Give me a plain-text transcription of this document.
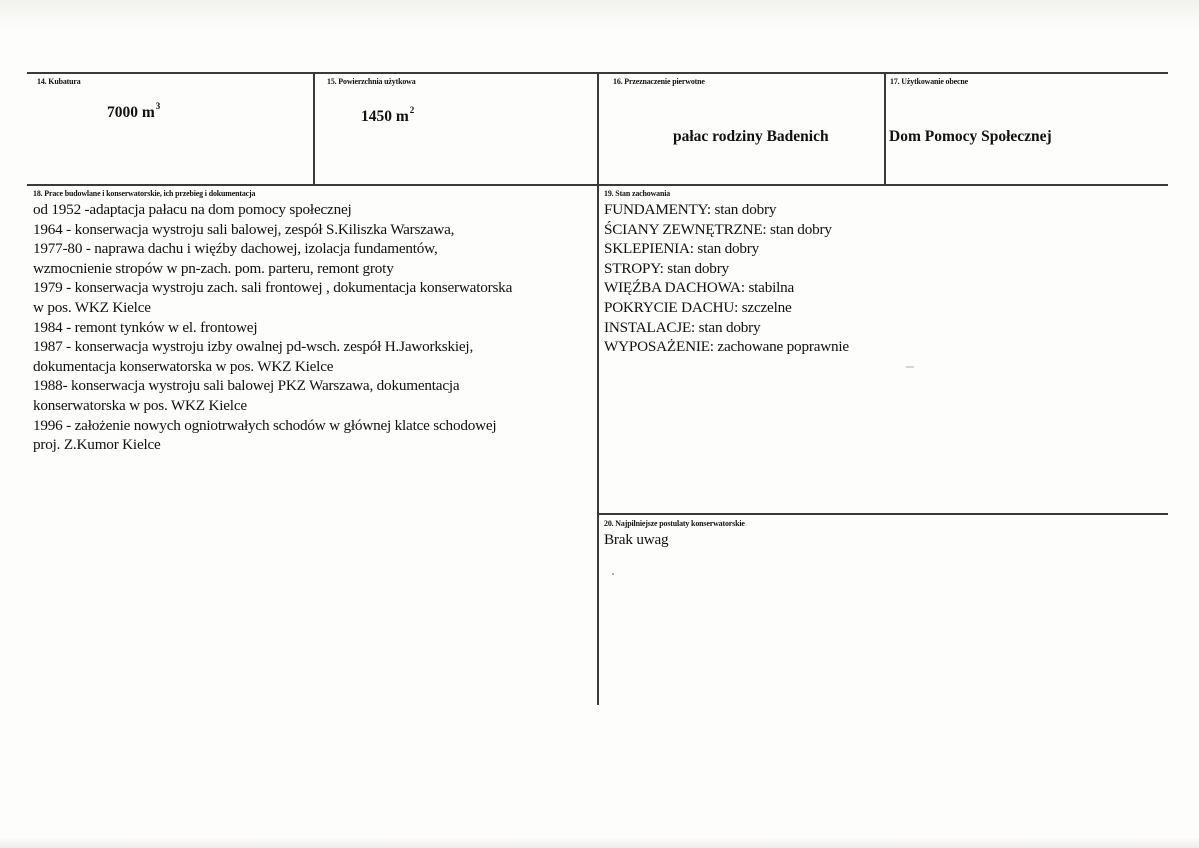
14. Kubatura
7000 $m^3$
15. Powierzchnia użytkowa
1450 $m^2$
16. Przeznaczenie pierwotne
pałac rodziny Badenich
17. Użytkowanie obecne
Dom Pomocy Społecznej
18. Prace budowlane i konserwatorskie, ich przebieg i dokumentacja
od 1952 -adaptacja pałacu na dom pomocy społecznej
1964 - konserwacja wystroju sali balowej, zespół S.Kiliszka Warszawa,
1977-80 - naprawa dachu i więźby dachowej, izolacja fundamentów,
wzmocnienie stropów w pn-zach. pom. parteru, remont groty
1979 - konserwacja wystroju zach. sali frontowej , dokumentacja konserwatorska
w pos. WKZ Kielce
1984 - remont tynków w el. frontowej
1987 - konserwacja wystroju izby owalnej pd-wsch. zespół H.Jaworkskiej,
dokumentacja konserwatorska w pos. WKZ Kielce
1988- konserwacja wystroju sali balowej PKZ Warszawa, dokumentacja
konserwatorska w pos. WKZ Kielce
1996 - założenie nowych ogniotrwałych schodów w głównej klatce schodowej
proj. Z.Kumor Kielce
19. Stan zachowania
FUNDAMENTY: stan dobry
ŚCIANY ZEWNĘTRZNE: stan dobry
SKLEPIENIA: stan dobry
STROPY: stan dobry
WIĘŹBA DACHOWA: stabilna
POKRYCIE DACHU: szczelne
INSTALACJE: stan dobry
WYPOSAŻENIE: zachowane poprawnie
20. Najpilniejsze postulaty konserwatorskie
Brak uwag
